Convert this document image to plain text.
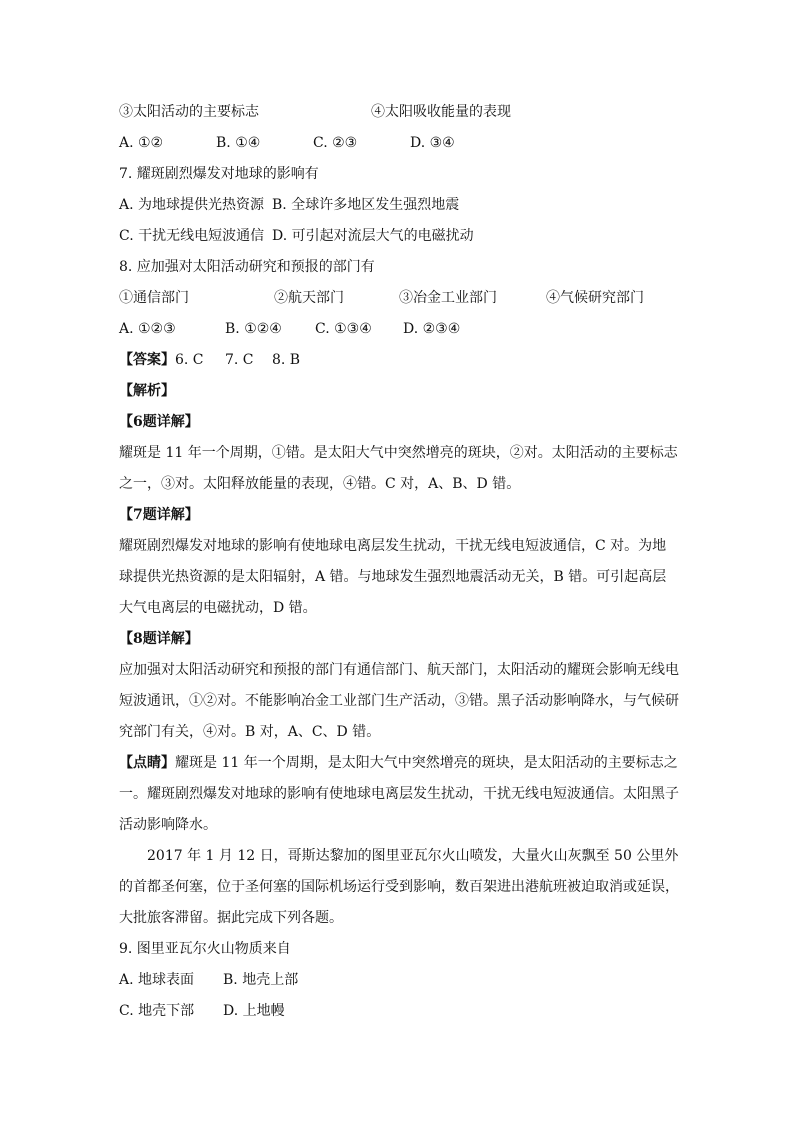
③太阳活动的主要标志	④太阳吸收能量的表现
A. ①②	B. ①④	C. ②③	D. ③④
7. 耀斑剧烈爆发对地球的影响有
A. 为地球提供光热资源 B. 全球许多地区发生强烈地震
C. 干扰无线电短波通信 D. 可引起对流层大气的电磁扰动
8. 应加强对太阳活动研究和预报的部门有
①通信部门	②航天部门	③冶金工业部门	④气候研究部门
A. ①②③	B. ①②④ C. ①③④ D. ②③④
【答案】6. C 7. C 8. B
【解析】
【6题详解】
耀斑是 11 年一个周期，①错。是太阳大气中突然增亮的斑块，②对。太阳活动的主要标志之一，③对。太阳释放能量的表现，④错。C 对，A、B、D 错。
【7题详解】
耀斑剧烈爆发对地球的影响有使地球电离层发生扰动，干扰无线电短波通信，C 对。为地球提供光热资源的是太阳辐射，A 错。与地球发生强烈地震活动无关，B 错。可引起高层大气电离层的电磁扰动，D 错。
【8题详解】
应加强对太阳活动研究和预报的部门有通信部门、航天部门，太阳活动的耀斑会影响无线电短波通讯，①②对。不能影响冶金工业部门生产活动，③错。黑子活动影响降水，与气候研究部门有关，④对。B 对，A、C、D 错。
【点睛】耀斑是 11 年一个周期，是太阳大气中突然增亮的斑块，是太阳活动的主要标志之一。耀斑剧烈爆发对地球的影响有使地球电离层发生扰动，干扰无线电短波通信。太阳黑子活动影响降水。
2017 年 1 月 12 日，哥斯达黎加的图里亚瓦尔火山喷发，大量火山灰飘至 50 公里外的首都圣何塞，位于圣何塞的国际机场运行受到影响，数百架进出港航班被迫取消或延误，大批旅客滞留。据此完成下列各题。
9. 图里亚瓦尔火山物质来自
A. 地球表面 B. 地壳上部
C. 地壳下部 D. 上地幔
